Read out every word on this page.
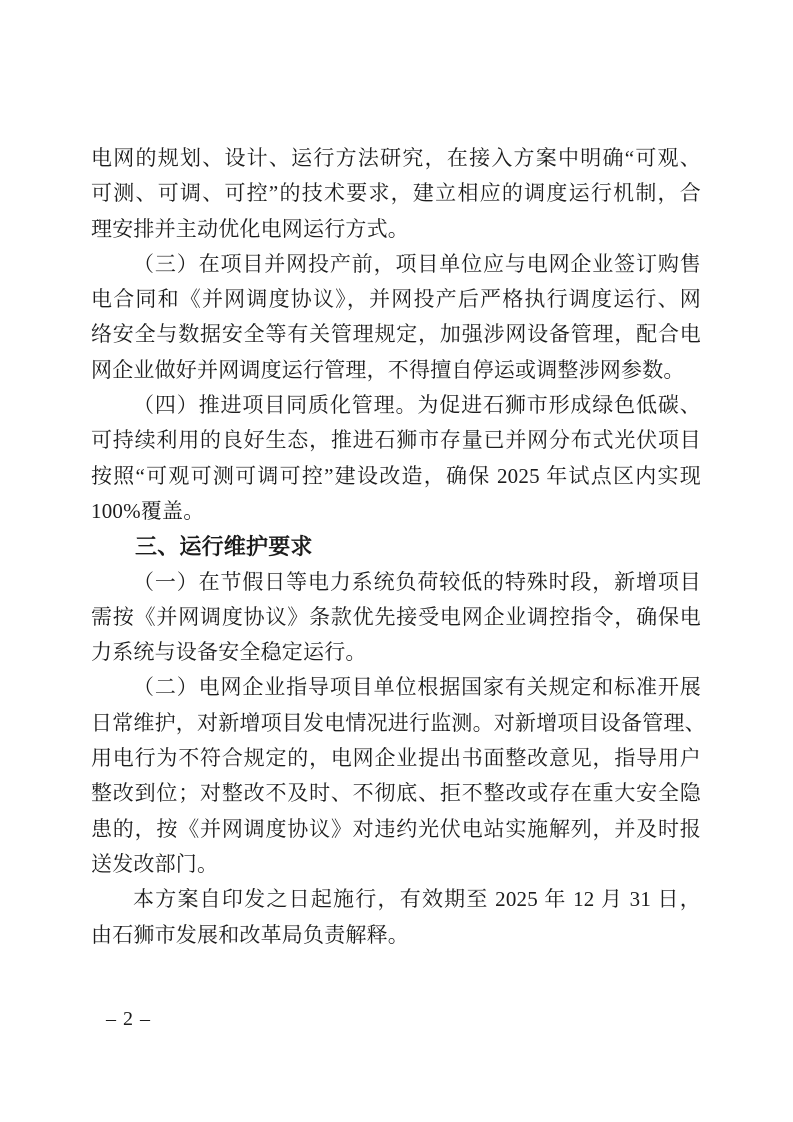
电网的规划、设计、运行方法研究，在接入方案中明确“可观、
可测、可调、可控”的技术要求，建立相应的调度运行机制，合
理安排并主动优化电网运行方式。
（三）在项目并网投产前，项目单位应与电网企业签订购售
电合同和《并网调度协议》，并网投产后严格执行调度运行、网
络安全与数据安全等有关管理规定，加强涉网设备管理，配合电
网企业做好并网调度运行管理，不得擅自停运或调整涉网参数。
（四）推进项目同质化管理。为促进石狮市形成绿色低碳、
可持续利用的良好生态，推进石狮市存量已并网分布式光伏项目
按照“可观可测可调可控”建设改造，确保 2025 年试点区内实现
100%覆盖。
三、运行维护要求
（一）在节假日等电力系统负荷较低的特殊时段，新增项目
需按《并网调度协议》条款优先接受电网企业调控指令，确保电
力系统与设备安全稳定运行。
（二）电网企业指导项目单位根据国家有关规定和标准开展
日常维护，对新增项目发电情况进行监测。对新增项目设备管理、
用电行为不符合规定的，电网企业提出书面整改意见，指导用户
整改到位；对整改不及时、不彻底、拒不整改或存在重大安全隐
患的，按《并网调度协议》对违约光伏电站实施解列，并及时报
送发改部门。
本方案自印发之日起施行，有效期至 2025 年 12 月 31 日，
由石狮市发展和改革局负责解释。
– 2 –
